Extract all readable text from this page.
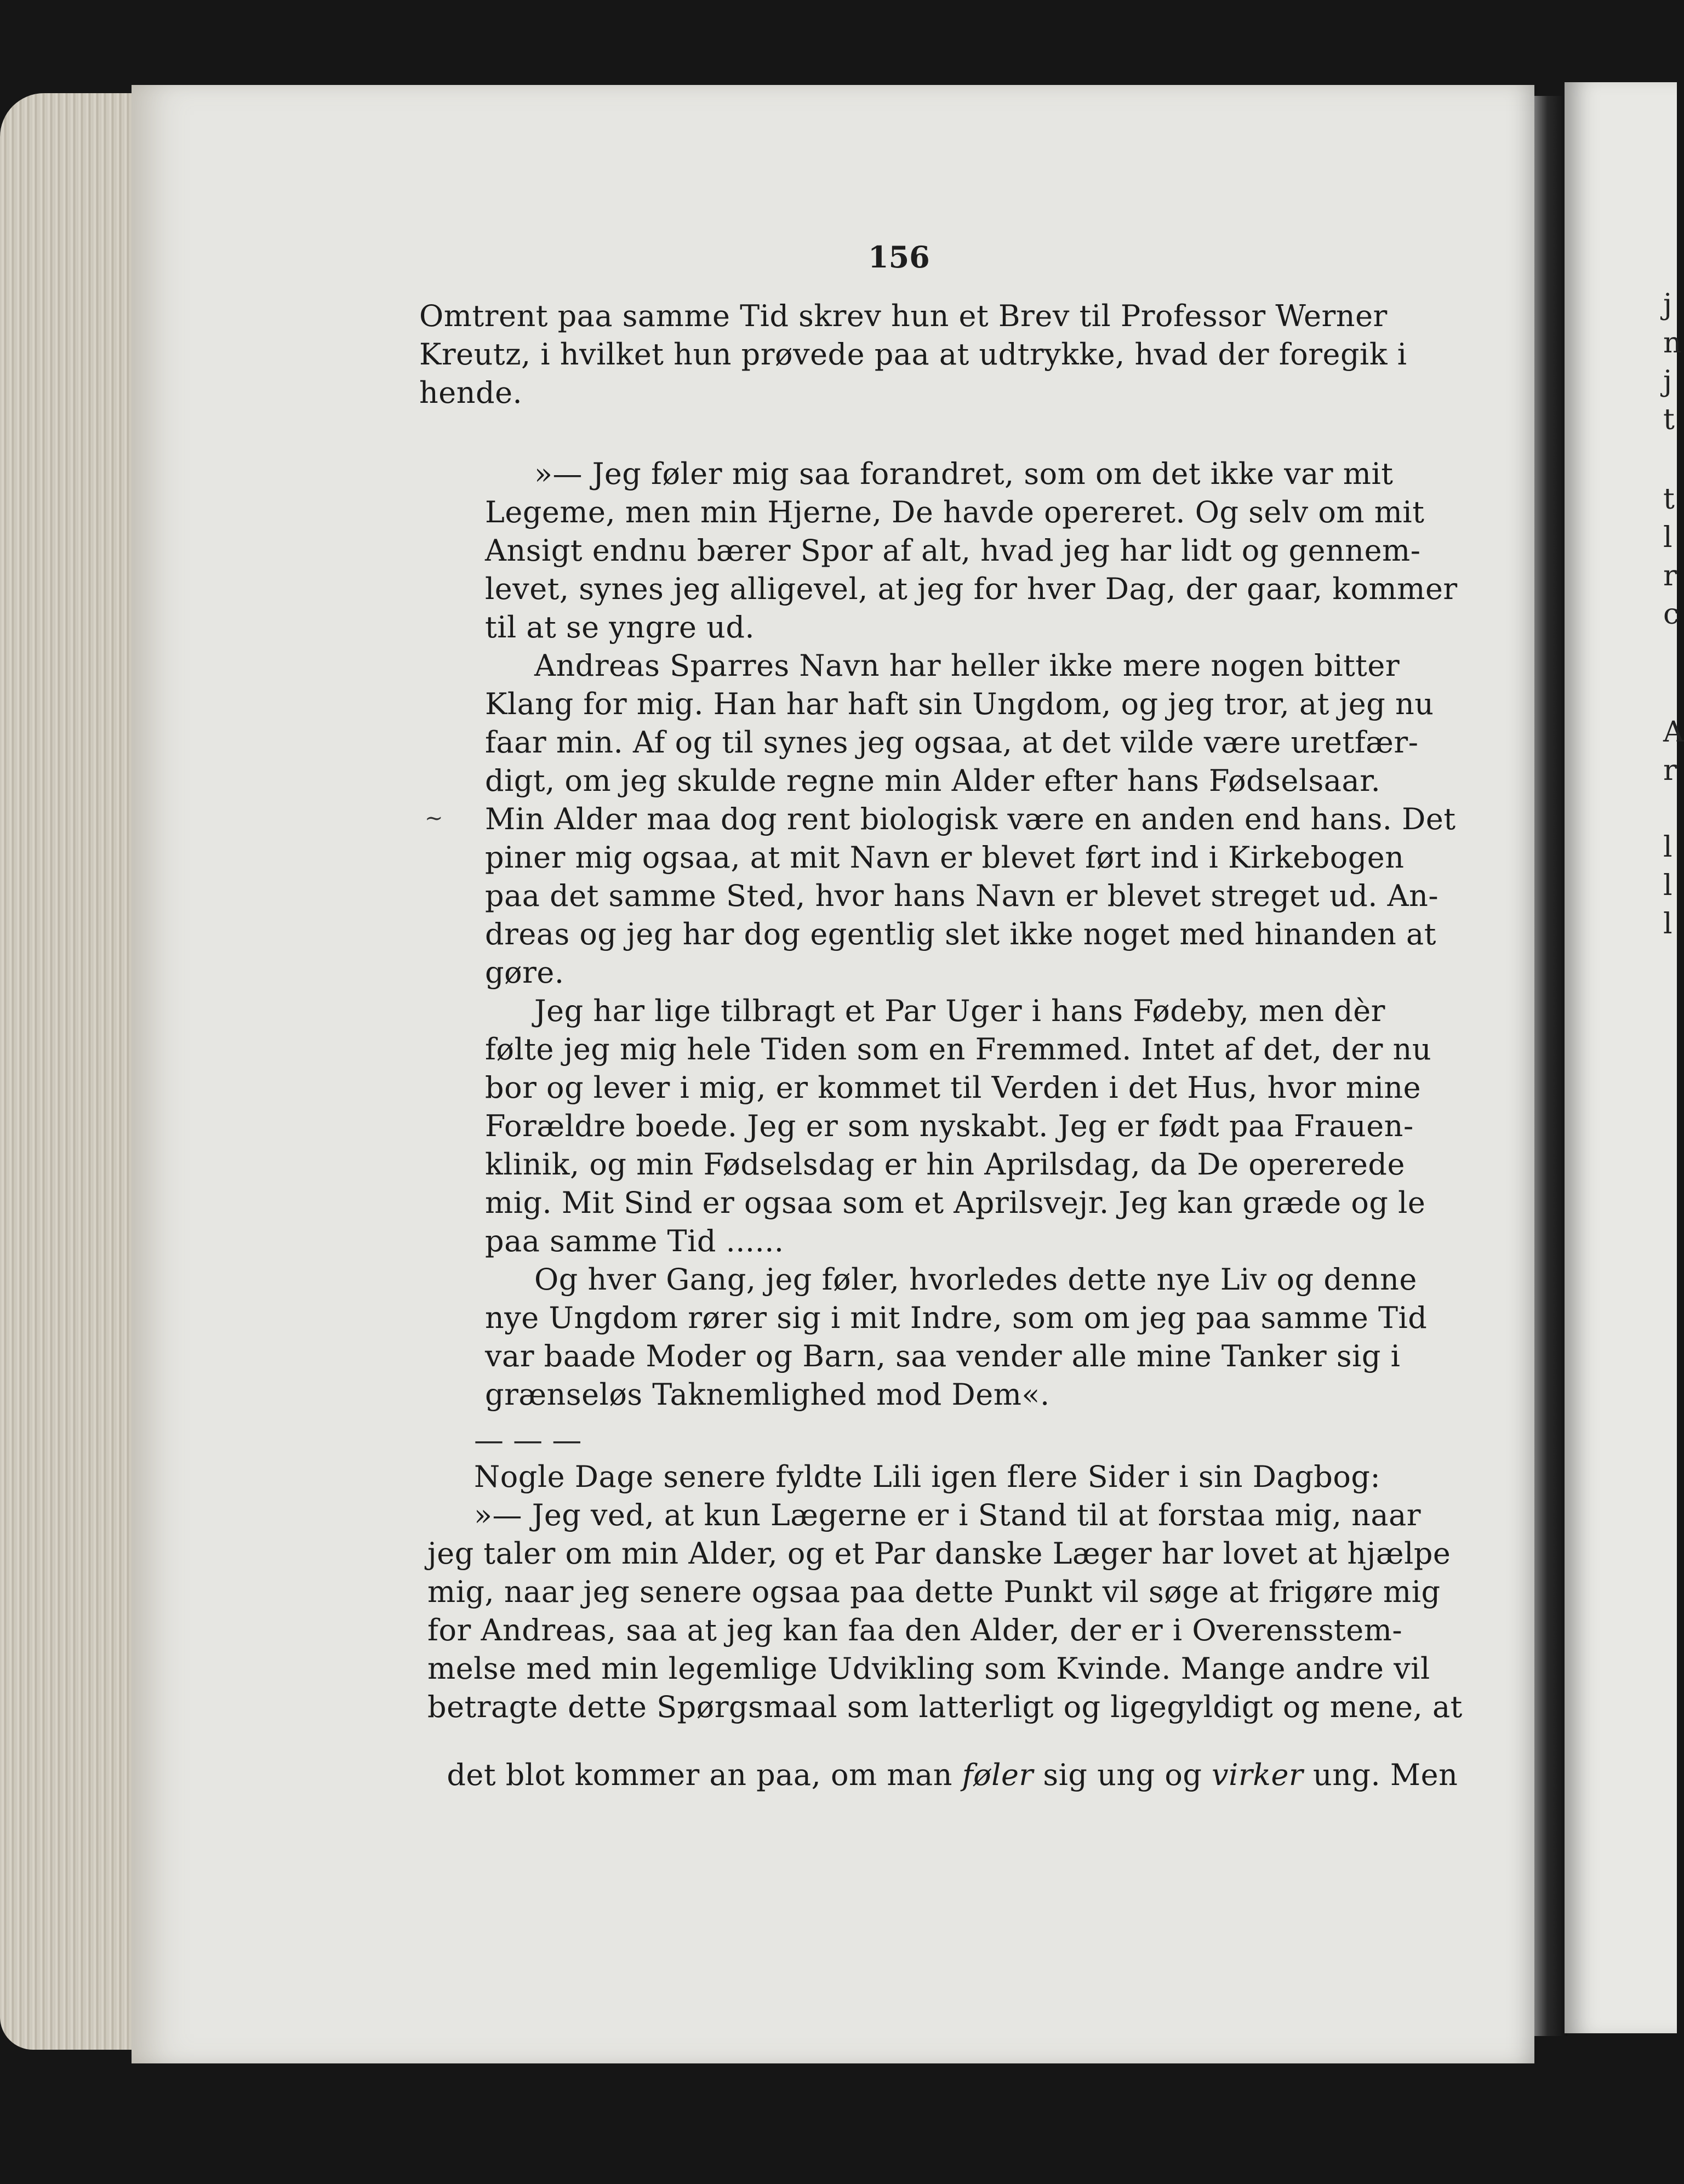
156
Omtrent paa samme Tid skrev hun et Brev til Professor Werner
Kreutz, i hvilket hun prøvede paa at udtrykke, hvad der foregik i
hende.
»— Jeg føler mig saa forandret, som om det ikke var mit
Legeme, men min Hjerne, De havde opereret. Og selv om mit
Ansigt endnu bærer Spor af alt, hvad jeg har lidt og gennem-
levet, synes jeg alligevel, at jeg for hver Dag, der gaar, kommer
til at se yngre ud.
Andreas Sparres Navn har heller ikke mere nogen bitter
Klang for mig. Han har haft sin Ungdom, og jeg tror, at jeg nu
faar min. Af og til synes jeg ogsaa, at det vilde være uretfær-
digt, om jeg skulde regne min Alder efter hans Fødselsaar.
Min Alder maa dog rent biologisk være en anden end hans. Det
piner mig ogsaa, at mit Navn er blevet ført ind i Kirkebogen
paa det samme Sted, hvor hans Navn er blevet streget ud. An-
dreas og jeg har dog egentlig slet ikke noget med hinanden at
gøre.
Jeg har lige tilbragt et Par Uger i hans Fødeby, men dèr
følte jeg mig hele Tiden som en Fremmed. Intet af det, der nu
bor og lever i mig, er kommet til Verden i det Hus, hvor mine
Forældre boede. Jeg er som nyskabt. Jeg er født paa Frauen-
klinik, og min Fødselsdag er hin Aprilsdag, da De opererede
mig. Mit Sind er ogsaa som et Aprilsvejr. Jeg kan græde og le
paa samme Tid ......
Og hver Gang, jeg føler, hvorledes dette nye Liv og denne
nye Ungdom rører sig i mit Indre, som om jeg paa samme Tid
var baade Moder og Barn, saa vender alle mine Tanker sig i
grænseløs Taknemlighed mod Dem«.
Nogle Dage senere fyldte Lili igen flere Sider i sin Dagbog:
»— Jeg ved, at kun Lægerne er i Stand til at forstaa mig, naar
jeg taler om min Alder, og et Par danske Læger har lovet at hjælpe
mig, naar jeg senere ogsaa paa dette Punkt vil søge at frigøre mig
for Andreas, saa at jeg kan faa den Alder, der er i Overensstem-
melse med min legemlige Udvikling som Kvinde. Mange andre vil
betragte dette Spørgsmaal som latterligt og ligegyldigt og mene, at
— — —

det blot kommer an paa, om man føler sig ung og virker ung. Men

~
j
n
j
t
t
l
r
c
A
r
l
l
l
